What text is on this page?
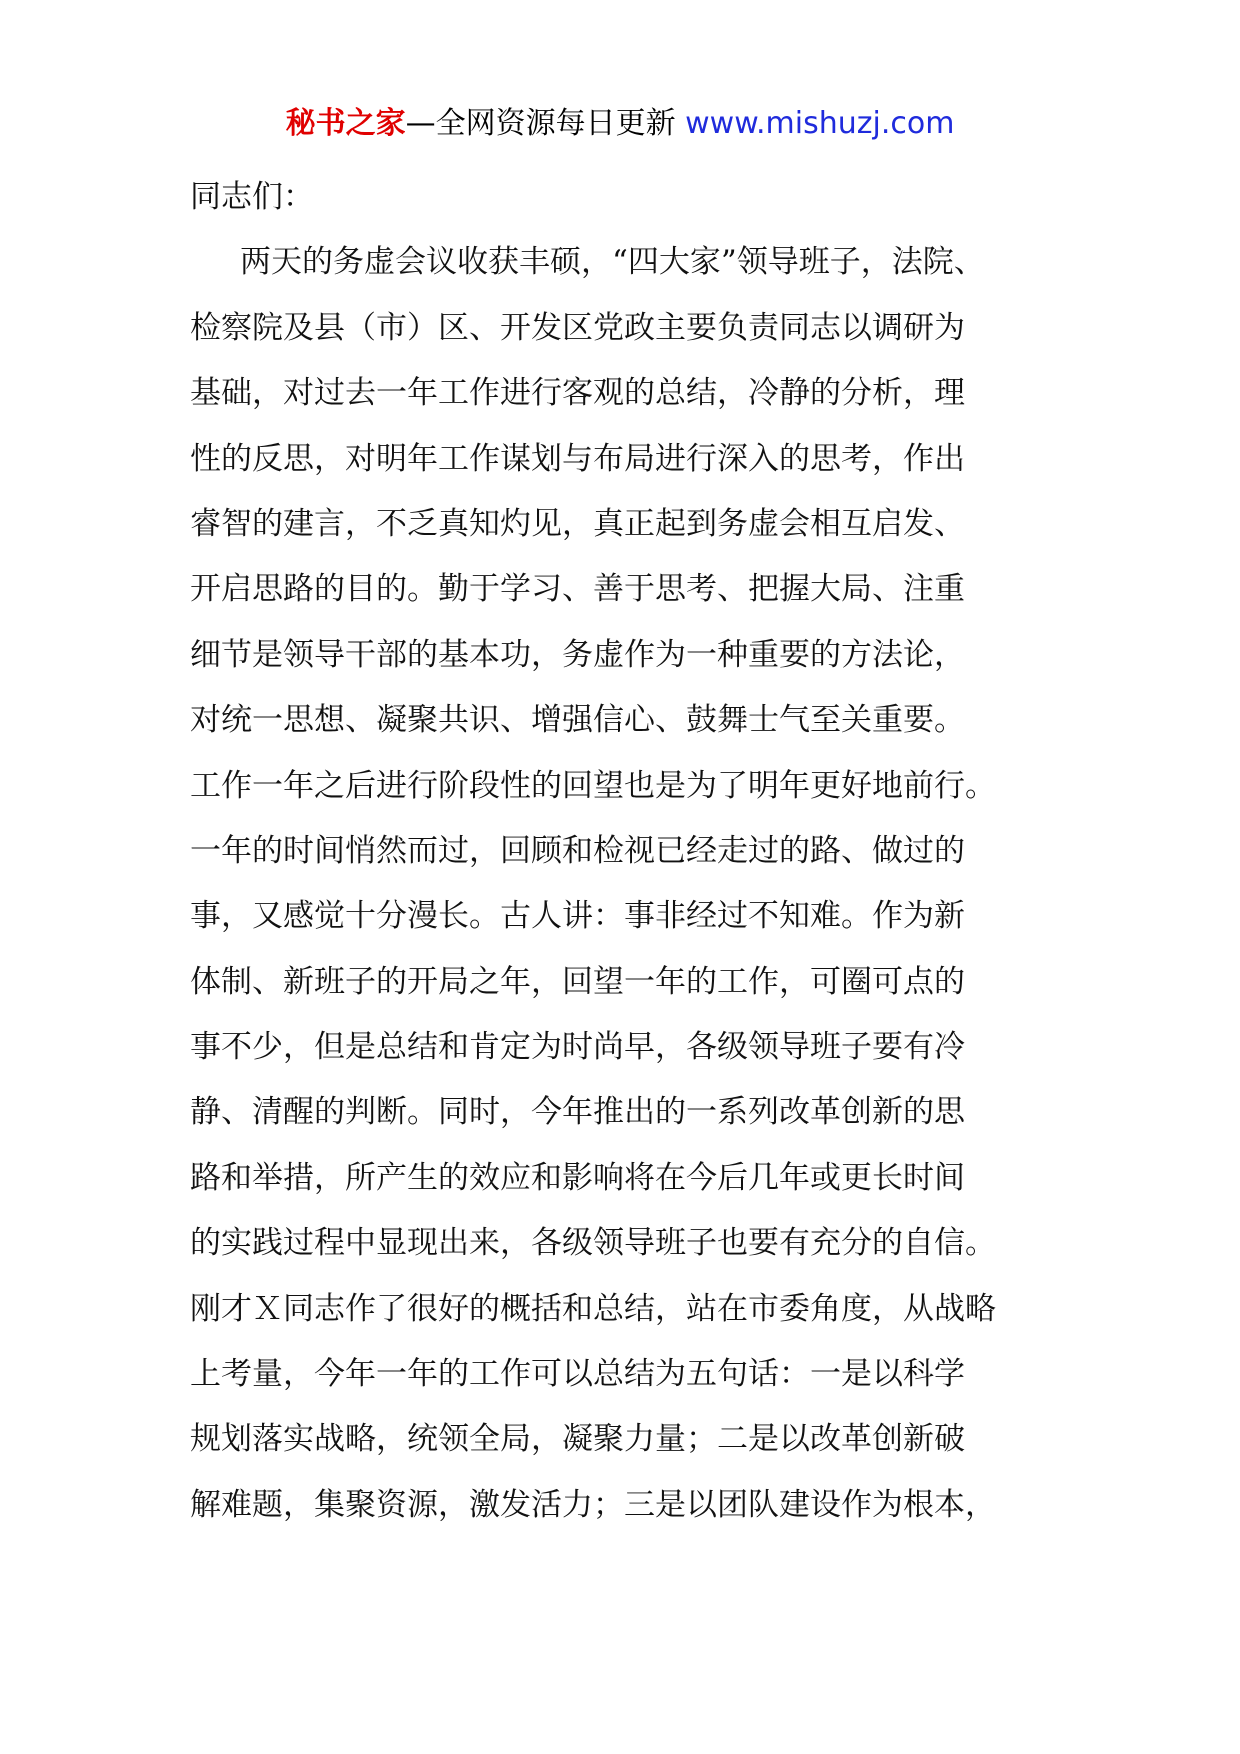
秘书之家—全网资源每日更新 www.mishuzj.com
同志们：
两天的务虚会议收获丰硕，“四大家”领导班子，法院、
检察院及县（市）区、开发区党政主要负责同志以调研为
基础，对过去一年工作进行客观的总结，冷静的分析，理
性的反思，对明年工作谋划与布局进行深入的思考，作出
睿智的建言，不乏真知灼见，真正起到务虚会相互启发、
开启思路的目的。勤于学习、善于思考、把握大局、注重
细节是领导干部的基本功，务虚作为一种重要的方法论，
对统一思想、凝聚共识、增强信心、鼓舞士气至关重要。
工作一年之后进行阶段性的回望也是为了明年更好地前行。
一年的时间悄然而过，回顾和检视已经走过的路、做过的
事，又感觉十分漫长。古人讲：事非经过不知难。作为新
体制、新班子的开局之年，回望一年的工作，可圈可点的
事不少，但是总结和肯定为时尚早，各级领导班子要有冷
静、清醒的判断。同时，今年推出的一系列改革创新的思
路和举措，所产生的效应和影响将在今后几年或更长时间
的实践过程中显现出来，各级领导班子也要有充分的自信。
刚才Ｘ同志作了很好的概括和总结，站在市委角度，从战略
上考量，今年一年的工作可以总结为五句话：一是以科学
规划落实战略，统领全局，凝聚力量；二是以改革创新破
解难题，集聚资源，激发活力；三是以团队建设作为根本，
